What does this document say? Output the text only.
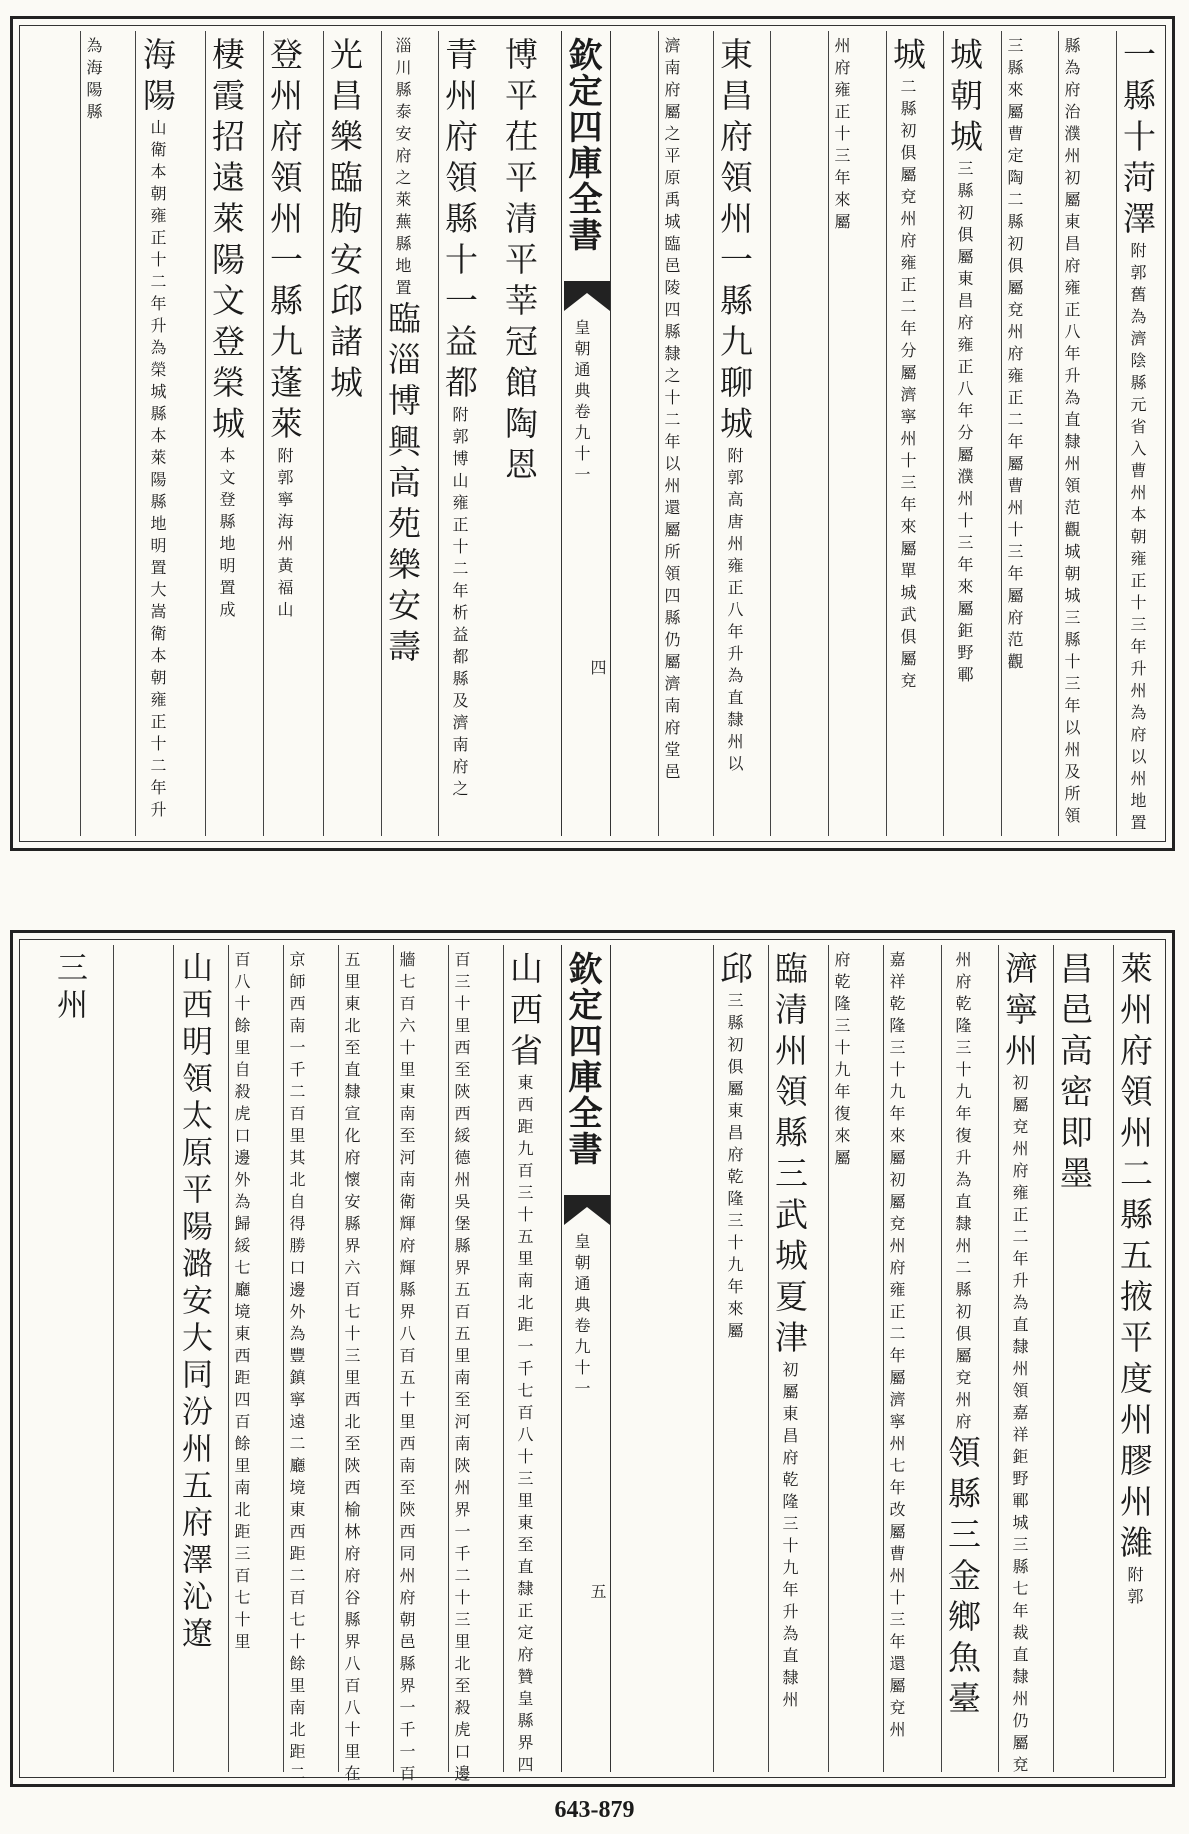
欽定四庫全書
皇朝通典卷九十一
四
一縣十菏澤附郭舊為濟陰縣元省入曹州本朝雍正十三年升州為府以州地置
縣為府治濮州初屬東昌府雍正八年升為直隸州領范觀城朝城三縣十三年以州及所領
三縣來屬曹定陶二縣初俱屬兗州府雍正二年屬曹州十三年屬府范觀
城朝城三縣初俱屬東昌府雍正八年分屬濮州十三年來屬鉅野鄆
城二縣初俱屬兗州府雍正二年分屬濟寧州十三年來屬單城武俱屬兗
州府雍正十三年來屬
東昌府領州一縣九聊城附郭高唐州雍正八年升為直隸州以
濟南府屬之平原禹城臨邑陵四縣隸之十二年以州還屬所領四縣仍屬濟南府堂邑
博平茌平清平莘冠館陶恩
青州府領縣十一益都附郭博山雍正十二年析益都縣及濟南府之
淄川縣泰安府之萊蕪縣地置臨淄博興高苑樂安壽
光昌樂臨朐安邱諸城
登州府領州一縣九蓬萊附郭寧海州黃福山
棲霞招遠萊陽文登榮城本文登縣地明置成
海陽山衛本朝雍正十二年升為榮城縣本萊陽縣地明置大嵩衛本朝雍正十二年升
為海陽縣
欽定四庫全書
皇朝通典卷九十一
五
萊州府領州二縣五掖平度州膠州濰附郭
昌邑高密即墨
濟寧州初屬兗州府雍正二年升為直隸州領嘉祥鉅野鄆城三縣七年裁直隸州仍屬兗
州府乾隆三十九年復升為直隸州二縣初俱屬兗州府領縣三金鄉魚臺
嘉祥乾隆三十九年來屬初屬兗州府雍正二年屬濟寧州七年改屬曹州十三年還屬兗州
府乾隆三十九年復來屬
臨清州領縣三武城夏津初屬東昌府乾隆三十九年升為直隸州
邱三縣初俱屬東昌府乾隆三十九年來屬
山西省東西距九百三十五里南北距一千七百八十三里東至直隸正定府贊皇縣界四
百三十里西至陝西綏德州吳堡縣界五百五里南至河南陝州界一千二十三里北至殺虎口邊
牆七百六十里東南至河南衛輝府輝縣界八百五十里西南至陝西同州府朝邑縣界一千一百
五里東北至直隸宣化府懷安縣界六百七十三里西北至陝西榆林府府谷縣界八百八十里在
京師西南一千二百里其北自得勝口邊外為豐鎮寧遠二廳境東西距二百七十餘里南北距二
百八十餘里自殺虎口邊外為歸綏七廳境東西距四百餘里南北距三百七十里
山西明領太原平陽潞安大同汾州五府澤沁遼
三州
643-879
